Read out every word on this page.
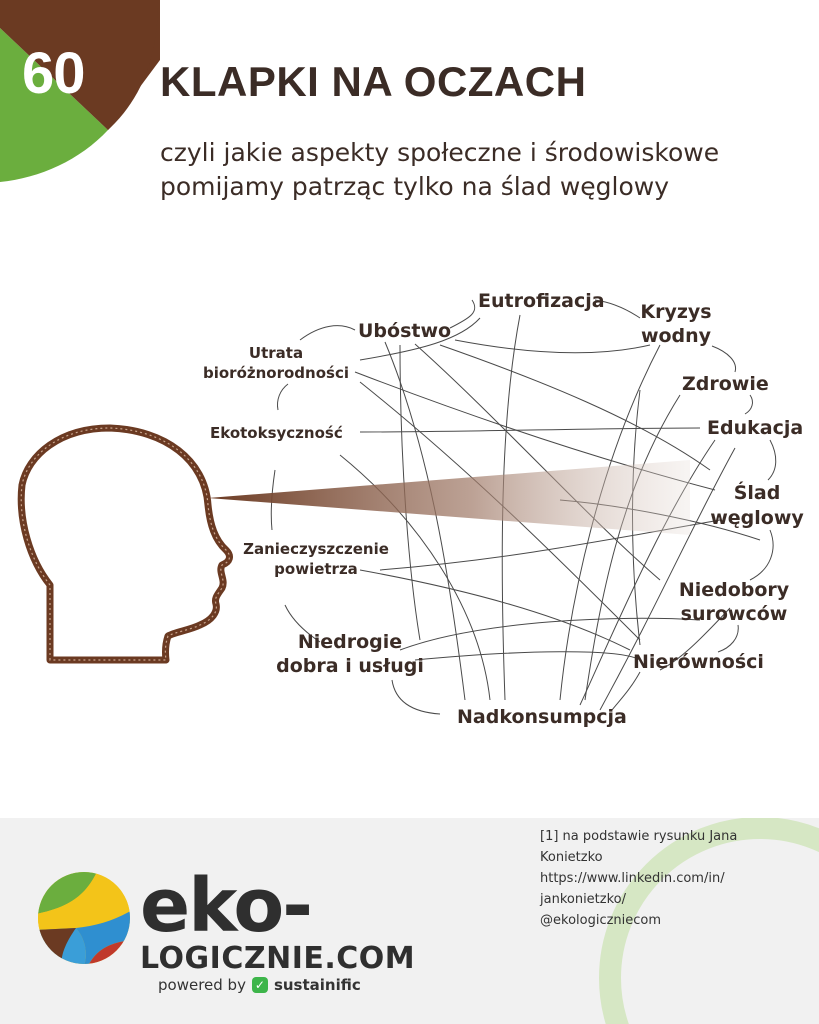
60 KLAPKI NA OCZACH
czyli jakie aspekty społeczne i środowiskowe
pomijamy patrząc tylko na ślad węglowy
Eutrofizacja Kryzys
wodny
Ubóstwo
Utrata
bioróżnorodności	Zdrowie
Ekotoksyczność	Edukacja
Ślad
węglowy
Zanieczyszczenie
powietrza
Niedobory
surowców
Niedrogie
dobra i usługi	Nierówności
Nadkonsumpcja
eko-
LOGICZNIE.COM
powered by ✓ sustainific
[1] na podstawie rysunku Jana
Konietzko
https://www.linkedin.com/in/
jankonietzko/
@ekologiczniecom
